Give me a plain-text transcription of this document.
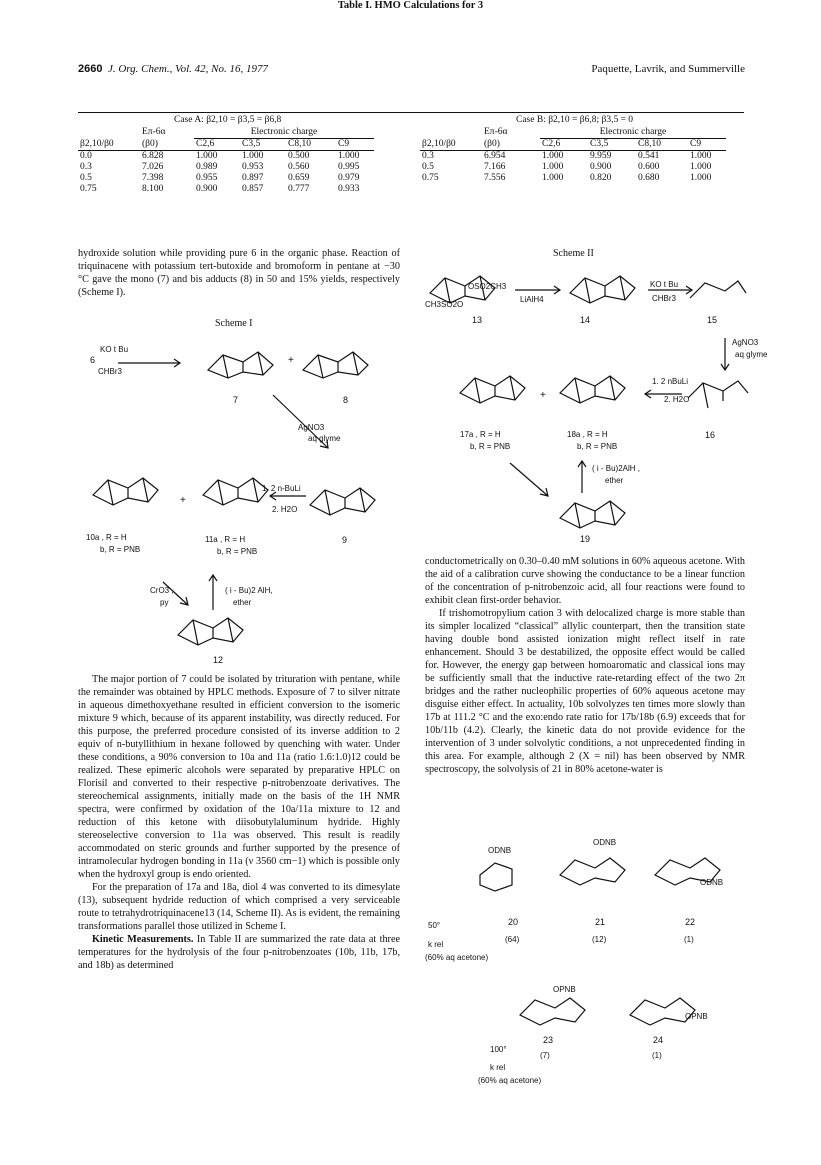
2660 J. Org. Chem., Vol. 42, No. 16, 1977	Paquette, Lavrik, and Summerville
Table I. HMO Calculations for 3
Case A: β2,10 = β3,5 = β6,8
	Eπ-6α	Electronic charge			
β2,10/β0	(β0)	C2,6	C3,5	C8,10	C9
0.0	6.828	1.000	1.000	0.500	1.000
0.3	7.026	0.989	0.953	0.560	0.995
0.5	7.398	0.955	0.897	0.659	0.979
0.75	8.100	0.900	0.857	0.777	0.933
Case B: β2,10 = β6,8; β3,5 = 0
	Eπ-6α	Electronic charge			
β2,10/β0	(β0)	C2,6	C3,5	C8,10	C9

0.3	6.954	1.000	9.959	0.541	1.000
0.5	7.166	1.000	0.900	0.600	1.000
0.75	7.556	1.000	0.820	0.680	1.000

hydroxide solution while providing pure 6 in the organic phase. Reaction of triquinacene with potassium tert-butoxide and bromoform in pentane at −30 °C gave the mono (7) and bis adducts (8) in 50 and 15% yields, respectively (Scheme I).

Scheme I
KO t Bu
CHBr3
6	+
7	8
AgNO3
aq glyme
1. 2 n-BuLi
2. H2O
+
9
10a , R = H
b, R = PNB
11a , R = H
b, R = PNB
CrO3 ,
py
( i - Bu)2 AlH,
ether
12

The major portion of 7 could be isolated by trituration with pentane, while the remainder was obtained by HPLC methods. Exposure of 7 to silver nitrate in aqueous dimethoxyethane resulted in efficient conversion to the isomeric mixture 9 which, because of its apparent instability, was directly reduced. For this purpose, the preferred procedure consisted of its inverse addition to 2 equiv of n-butyllithium in hexane followed by quenching with water. Under these conditions, a 90% conversion to 10a and 11a (ratio 1.6:1.0)12 could be realized. These epimeric alcohols were separated by preparative HPLC on Florisil and converted to their respective p-nitrobenzoate derivatives. The stereochemical assignments, initially made on the basis of the 1H NMR spectra, were confirmed by oxidation of the 10a/11a mixture to 12 and reduction of this ketone with diisobutylaluminum hydride. Highly stereoselective conversion to 11a was observed. This result is readily accommodated on steric grounds and further supported by the presence of intramolecular hydrogen bonding in 11a (ν 3560 cm−1) which is possible only when the hydroxyl group is endo oriented.

For the preparation of 17a and 18a, diol 4 was converted to its dimesylate (13), subsequent hydride reduction of which comprised a very serviceable route to tetrahydrotriquinacene13 (14, Scheme II). As is evident, the remaining transformations parallel those utilized in Scheme I.

Kinetic Measurements. In Table II are summarized the rate data at three temperatures for the hydrolysis of the four p-nitrobenzoates (10b, 11b, 17b, and 18b) as determined

Scheme II
OSO2CH3
CH3SO2O
LiAlH4
13	14
KO t Bu
CHBr3
15
AgNO3
aq glyme
1. 2 nBuLi
2. H2O
+
16
17a , R = H
b, R = PNB
18a , R = H
b, R = PNB
( i - Bu)2AlH ,
ether
19

conductometrically on 0.30–0.40 mM solutions in 60% aqueous acetone. With the aid of a calibration curve showing the conductance to be a linear function of the concentration of p-nitrobenzoic acid, all four reactions were found to exhibit clean first-order behavior.

If trishomotropylium cation 3 with delocalized charge is more stable than its simpler localized “classical” allylic counterpart, then the transition state having double bond assisted ionization might reflect itself in rate enhancement. Should 3 be destabilized, the opposite effect would be called for. However, the energy gap between homoaromatic and classical ions may be sufficiently small that the inductive rate-retarding effect of the two 2π bridges and the rather nucleophilic properties of 60% aqueous acetone may disguise either effect. In actuality, 10b solvolyzes ten times more slowly than 17b at 111.2 °C and the exo:endo rate ratio for 17b/18b (6.9) exceeds that for 10b/11b (4.2). Clearly, the kinetic data do not provide evidence for the intervention of 3 under solvolytic conditions, a not unprecedented finding in this area. For example, although 2 (X = nil) has been observed by NMR spectroscopy, the solvolysis of 21 in 80% acetone-water is

ODNB
ODNB
ODNB
50°
k rel
(60% aq acetone)
20
(64)
21
(12)
22
(1)
OPNB
OPNB
23	24
100°
(7)	(1)
k rel
(60% aq acetone)
